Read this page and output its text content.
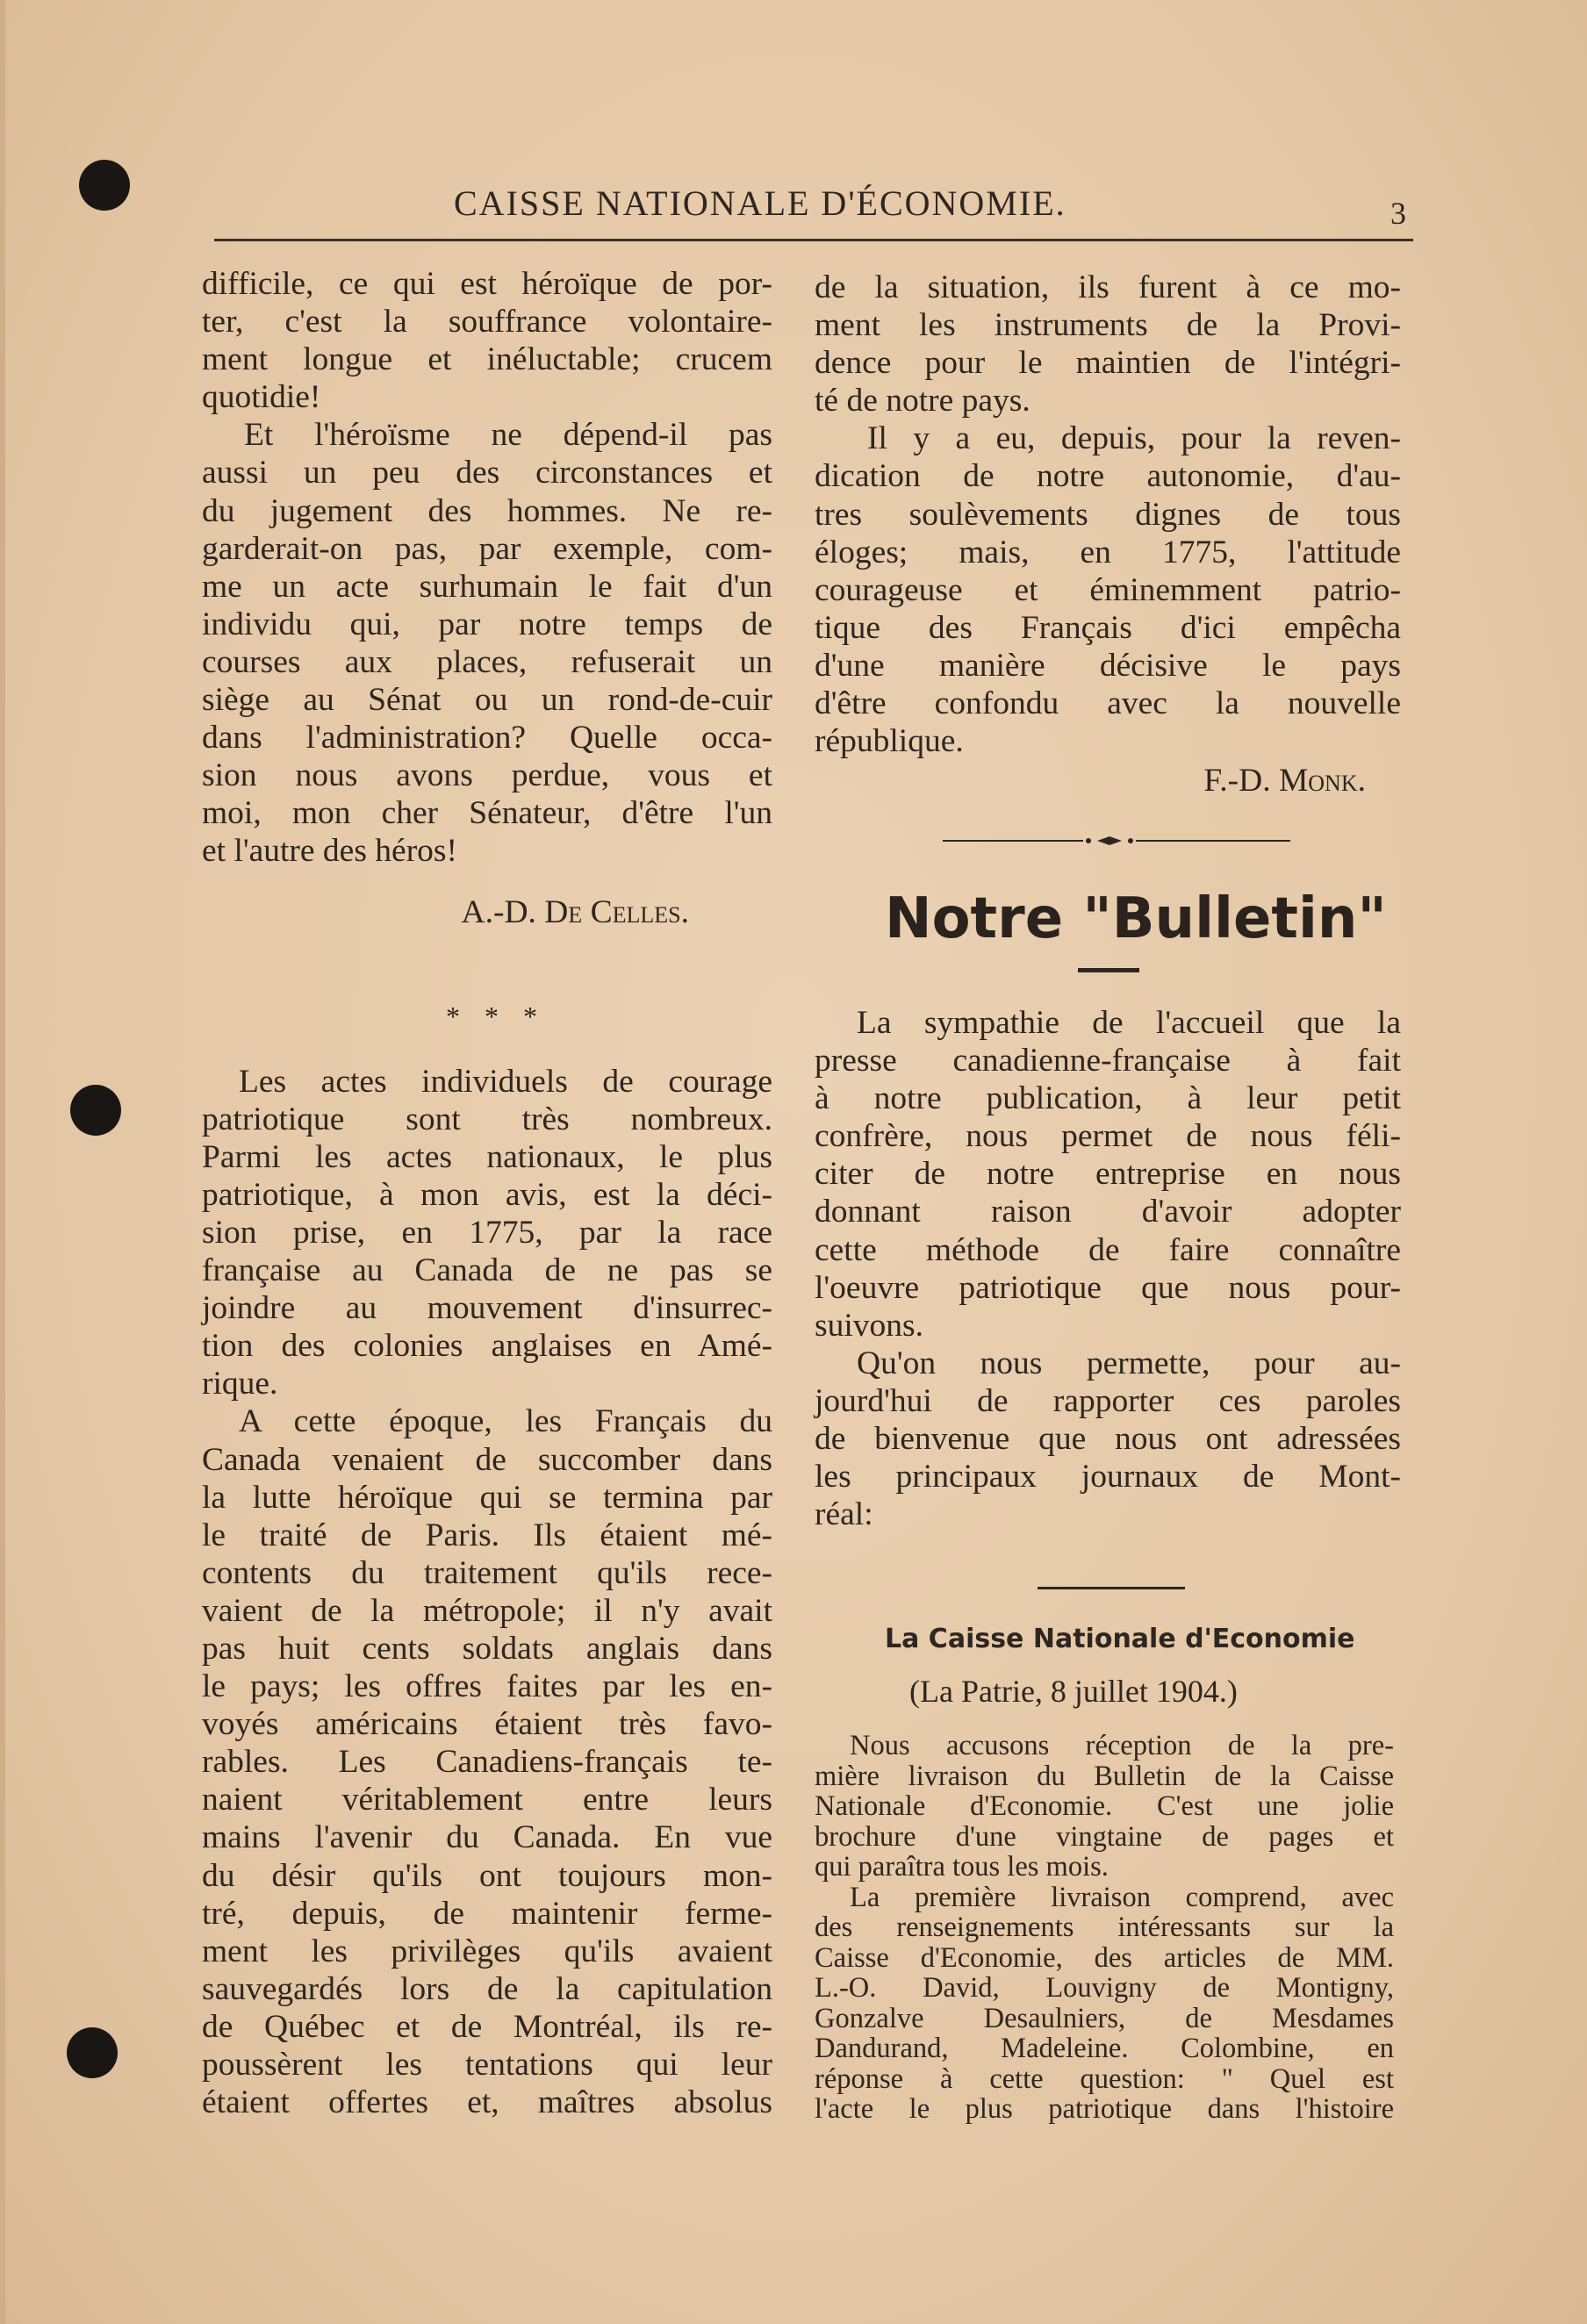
CAISSE NATIONALE D'ÉCONOMIE.	3
difficile, ce qui est héroïque de por-
ter, c'est la souffrance volontaire-
ment longue et inéluctable; crucem
quotidie!
Et l'héroïsme ne dépend-il pas
aussi un peu des circonstances et
du jugement des hommes. Ne re-
garderait-on pas, par exemple, com-
me un acte surhumain le fait d'un
individu qui, par notre temps de
courses aux places, refuserait un
siège au Sénat ou un rond-de-cuir
dans l'administration? Quelle occa-
sion nous avons perdue, vous et
moi, mon cher Sénateur, d'être l'un
et l'autre des héros!
A.-D. De Celles.
Les actes individuels de courage
patriotique sont très nombreux.
Parmi les actes nationaux, le plus
patriotique, à mon avis, est la déci-
sion prise, en 1775, par la race
française au Canada de ne pas se
joindre au mouvement d'insurrec-
tion des colonies anglaises en Amé-
rique.
A cette époque, les Français du
Canada venaient de succomber dans
la lutte héroïque qui se termina par
le traité de Paris. Ils étaient mé-
contents du traitement qu'ils rece-
vaient de la métropole; il n'y avait
pas huit cents soldats anglais dans
le pays; les offres faites par les en-
voyés américains étaient très favo-
rables. Les Canadiens-français te-
naient véritablement entre leurs
mains l'avenir du Canada. En vue
du désir qu'ils ont toujours mon-
tré, depuis, de maintenir ferme-
ment les privilèges qu'ils avaient
sauvegardés lors de la capitulation
de Québec et de Montréal, ils re-
poussèrent les tentations qui leur
étaient offertes et, maîtres absolus
* * *
de la situation, ils furent à ce mo-
ment les instruments de la Provi-
dence pour le maintien de l'intégri-
té de notre pays.
Il y a eu, depuis, pour la reven-
dication de notre autonomie, d'au-
tres soulèvements dignes de tous
éloges; mais, en 1775, l'attitude
courageuse et éminemment patrio-
tique des Français d'ici empêcha
d'une manière décisive le pays
d'être confondu avec la nouvelle
république.
F.-D. Monk.
Notre "Bulletin"
La sympathie de l'accueil que la
presse canadienne-française à fait
à notre publication, à leur petit
confrère, nous permet de nous féli-
citer de notre entreprise en nous
donnant raison d'avoir adopter
cette méthode de faire connaître
l'oeuvre patriotique que nous pour-
suivons.
Qu'on nous permette, pour au-
jourd'hui de rapporter ces paroles
de bienvenue que nous ont adressées
les principaux journaux de Mont-
réal:
La Caisse Nationale d'Economie
(La Patrie, 8 juillet 1904.)
Nous accusons réception de la pre-
mière livraison du Bulletin de la Caisse
Nationale d'Economie. C'est une jolie
brochure d'une vingtaine de pages et
qui paraîtra tous les mois.
La première livraison comprend, avec
des renseignements intéressants sur la
Caisse d'Economie, des articles de MM.
L.-O. David, Louvigny de Montigny,
Gonzalve Desaulniers, de Mesdames
Dandurand, Madeleine. Colombine, en
réponse à cette question: " Quel est
l'acte le plus patriotique dans l'histoire
